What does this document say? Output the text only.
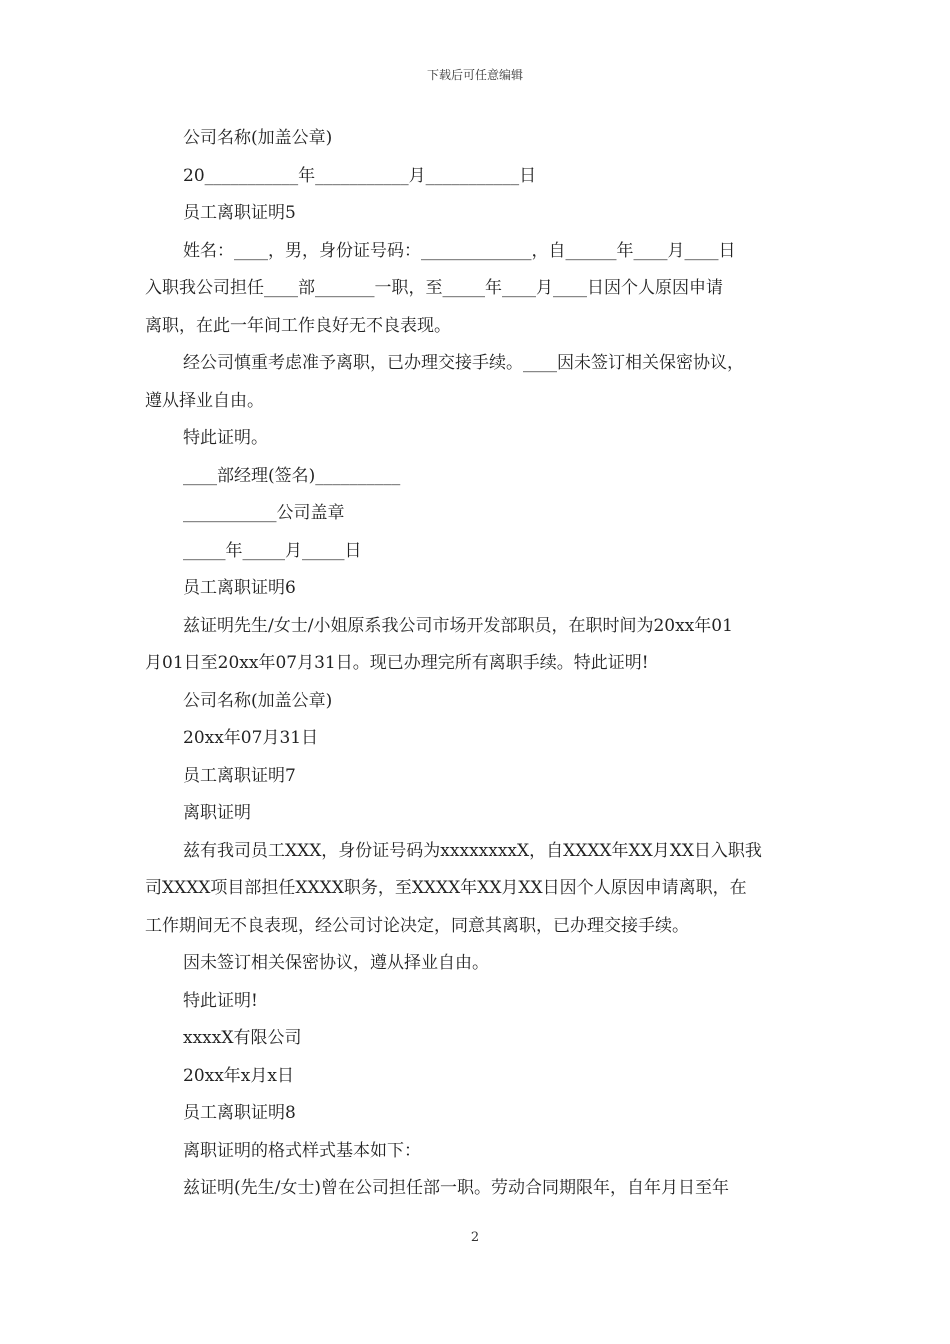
下载后可任意编辑
公司名称(加盖公章)
20___________年___________月___________日
员工离职证明5
姓名：____，男，身份证号码：_____________，自______年____月____日
入职我公司担任____部_______一职，至_____年____月____日因个人原因申请
离职，在此一年间工作良好无不良表现。
经公司慎重考虑准予离职，已办理交接手续。____因未签订相关保密协议，
遵从择业自由。
特此证明。
____部经理(签名)__________
___________公司盖章
_____年_____月_____日
员工离职证明6
兹证明先生/女士/小姐原系我公司市场开发部职员，在职时间为20xx年01
月01日至20xx年07月31日。现已办理完所有离职手续。特此证明!
公司名称(加盖公章)
20xx年07月31日
员工离职证明7
离职证明
兹有我司员工XXX，身份证号码为xxxxxxxxX，自XXXX年XX月XX日入职我
司XXXX项目部担任XXXX职务，至XXXX年XX月XX日因个人原因申请离职，在
工作期间无不良表现，经公司讨论决定，同意其离职，已办理交接手续。
因未签订相关保密协议，遵从择业自由。
特此证明!
xxxxX有限公司
20xx年x月x日
员工离职证明8
离职证明的格式样式基本如下：
兹证明(先生/女士)曾在公司担任部一职。劳动合同期限年，自年月日至年
2
